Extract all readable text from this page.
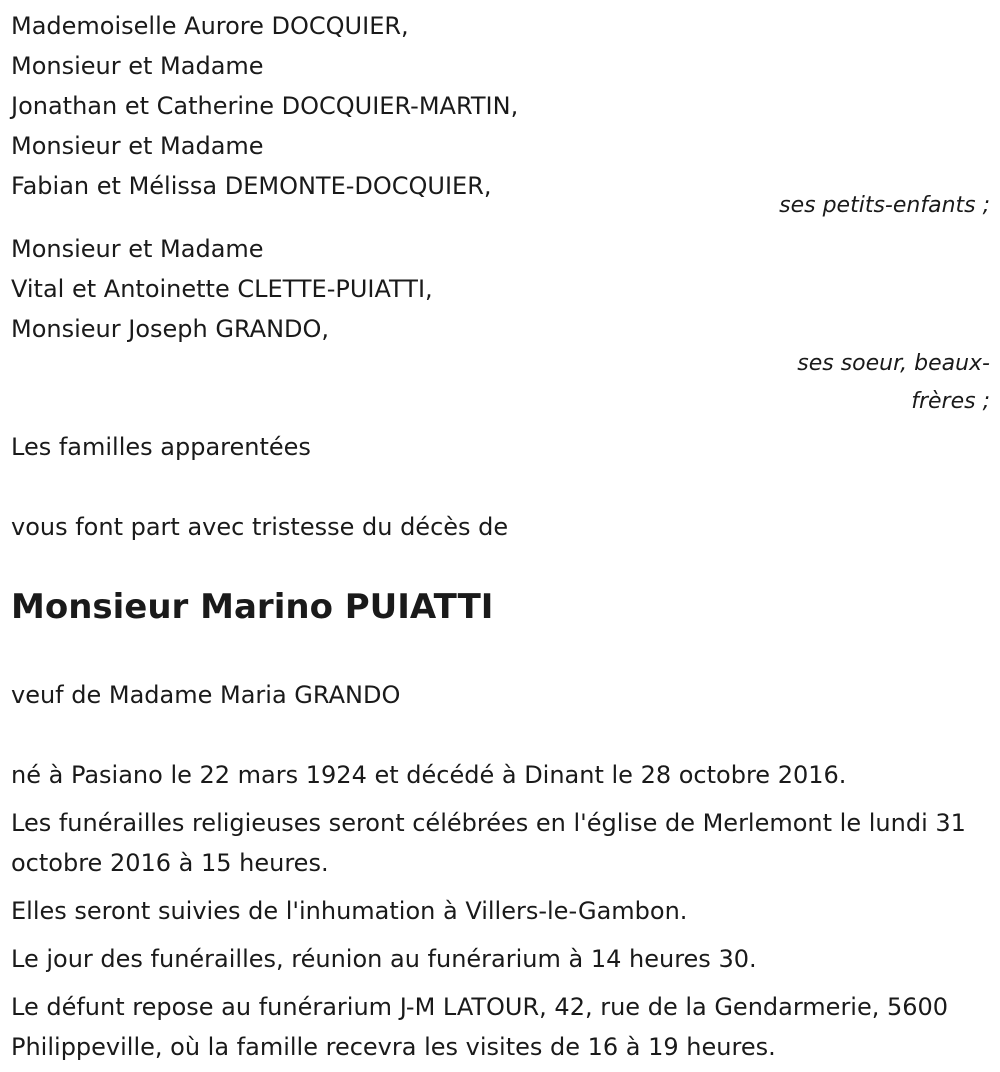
Mademoiselle Aurore DOCQUIER,

Monsieur et Madame

Jonathan et Catherine DOCQUIER-MARTIN,

Monsieur et Madame

Fabian et Mélissa DEMONTE-DOCQUIER,

ses petits-enfants ;

Monsieur et Madame

Vital et Antoinette CLETTE-PUIATTI,

Monsieur Joseph GRANDO,

ses soeur, beaux-
frères ;

Les familles apparentées

vous font part avec tristesse du décès de

Monsieur Marino PUIATTI

veuf de Madame Maria GRANDO

né à Pasiano le 22 mars 1924 et décédé à Dinant le 28 octobre 2016.

Les funérailles religieuses seront célébrées en l'église de Merlemont le lundi 31 octobre 2016 à 15 heures.

Elles seront suivies de l'inhumation à Villers-le-Gambon.

Le jour des funérailles, réunion au funérarium à 14 heures 30.

Le défunt repose au funérarium J-M LATOUR, 42, rue de la Gendarmerie, 5600 Philippeville, où la famille recevra les visites de 16 à 19 heures.
